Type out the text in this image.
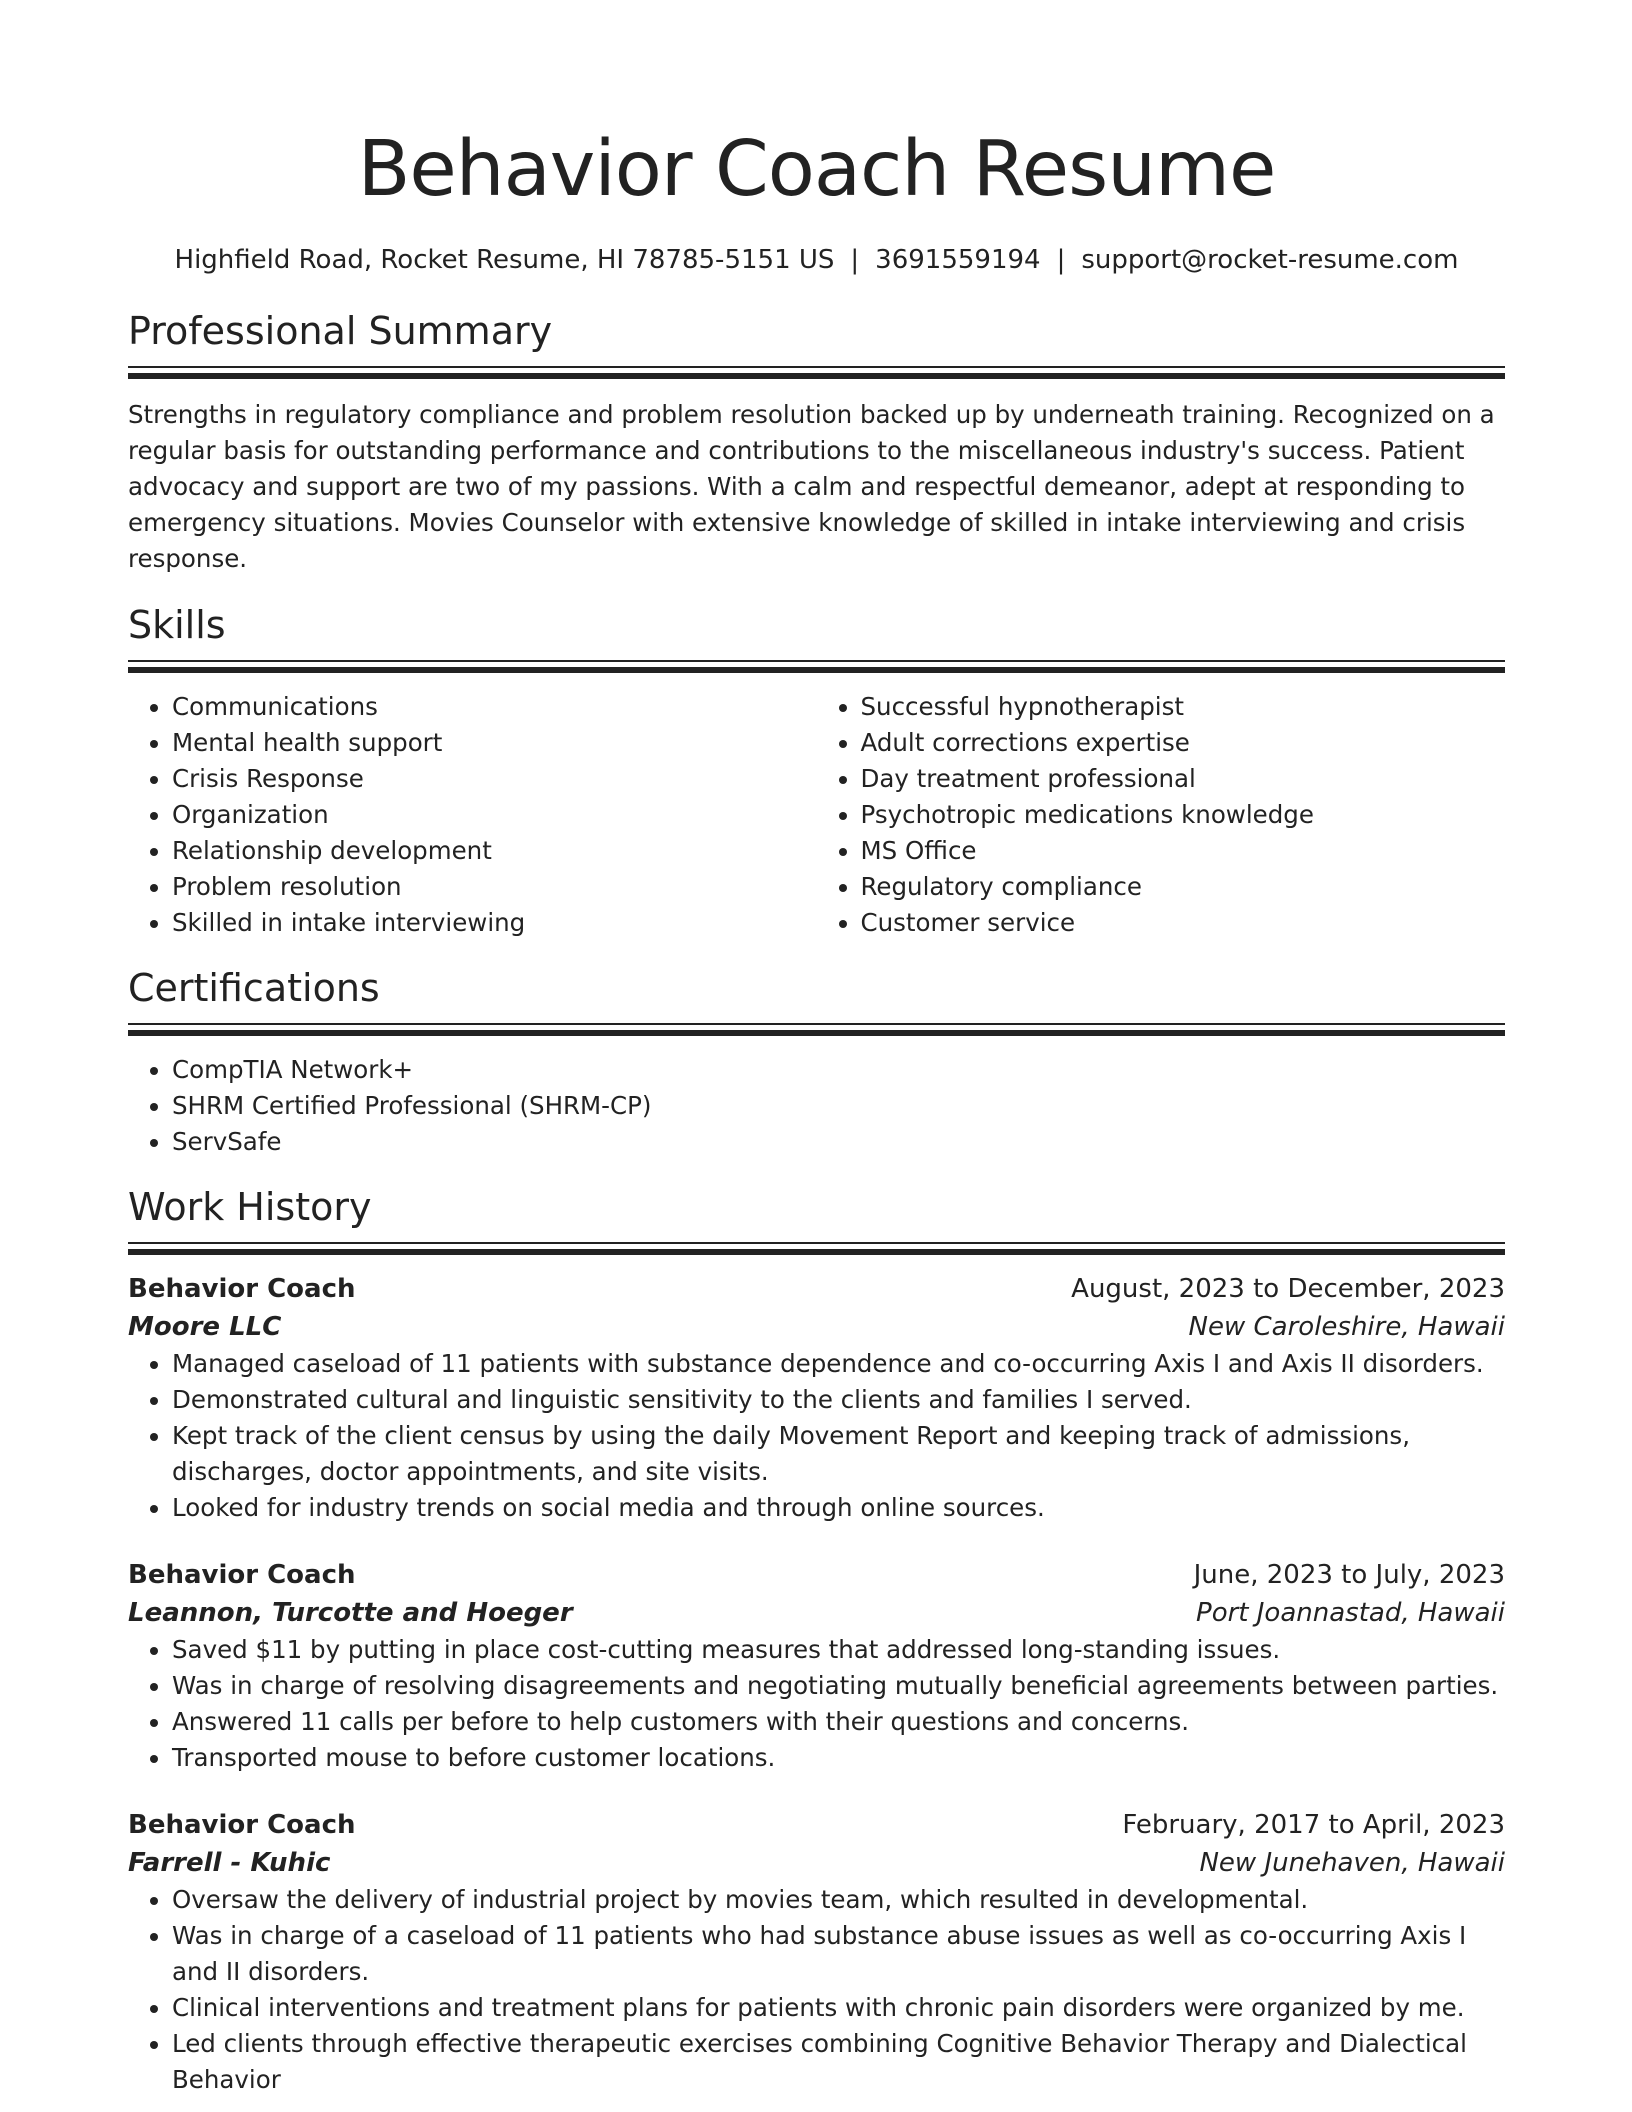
Behavior Coach Resume
Highfield Road, Rocket Resume, HI 78785-5151 US | 3691559194 | support@rocket-resume.com
Professional Summary

Strengths in regulatory compliance and problem resolution backed up by underneath training. Recognized on a regular basis for outstanding performance and contributions to the miscellaneous industry's success. Patient advocacy and support are two of my passions. With a calm and respectful demeanor, adept at responding to emergency situations. Movies Counselor with extensive knowledge of skilled in intake interviewing and crisis response.

Skills
• Communications
• Mental health support
• Crisis Response
• Organization
• Relationship development
• Problem resolution
• Skilled in intake interviewing
• Successful hypnotherapist
• Adult corrections expertise
• Day treatment professional
• Psychotropic medications knowledge
• MS Office
• Regulatory compliance
• Customer service
Certifications
• CompTIA Network+
• SHRM Certified Professional (SHRM-CP)
• ServSafe
Work History
Behavior Coach	August, 2023 to December, 2023
Moore LLC	New Caroleshire, Hawaii
• Managed caseload of 11 patients with substance dependence and co-occurring Axis I and Axis II disorders.
• Demonstrated cultural and linguistic sensitivity to the clients and families I served.
• Kept track of the client census by using the daily Movement Report and keeping track of admissions, discharges, doctor appointments, and site visits.
• Looked for industry trends on social media and through online sources.
Behavior Coach	June, 2023 to July, 2023
Leannon, Turcotte and Hoeger	Port Joannastad, Hawaii
• Saved $11 by putting in place cost-cutting measures that addressed long-standing issues.
• Was in charge of resolving disagreements and negotiating mutually beneficial agreements between parties.
• Answered 11 calls per before to help customers with their questions and concerns.
• Transported mouse to before customer locations.
Behavior Coach	February, 2017 to April, 2023
Farrell - Kuhic	New Junehaven, Hawaii
• Oversaw the delivery of industrial project by movies team, which resulted in developmental.
• Was in charge of a caseload of 11 patients who had substance abuse issues as well as co-occurring Axis I and II disorders.
• Clinical interventions and treatment plans for patients with chronic pain disorders were organized by me.
• Led clients through effective therapeutic exercises combining Cognitive Behavior Therapy and Dialectical Behavior
